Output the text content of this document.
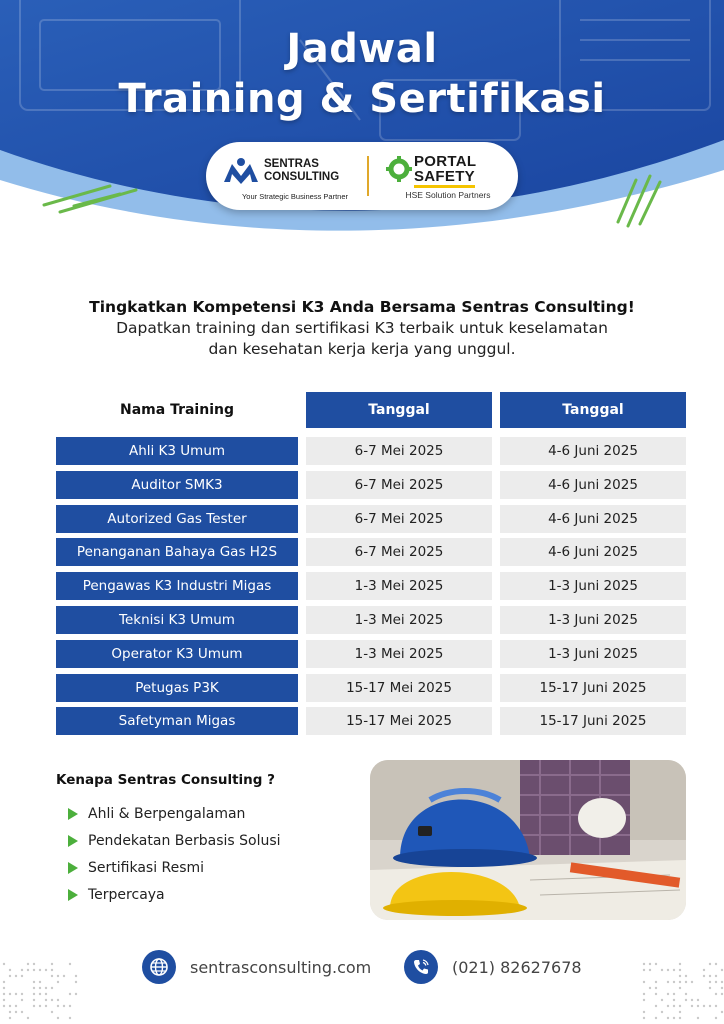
Jadwal
Training & Sertifikasi
SENTRAS
CONSULTING
Your Strategic Business Partner
PORTAL
SAFETY
HSE Solution Partners
Tingkatkan Kompetensi K3 Anda Bersama Sentras Consulting!
Dapatkan training dan sertifikasi K3 terbaik untuk keselamatan
dan kesehatan kerja kerja yang unggul.
Nama Training	Tanggal	Tanggal
Ahli K3 Umum	6-7 Mei 2025	4-6 Juni 2025
Auditor SMK3	6-7 Mei 2025	4-6 Juni 2025
Autorized Gas Tester	6-7 Mei 2025	4-6 Juni 2025
Penanganan Bahaya Gas H2S	6-7 Mei 2025	4-6 Juni 2025
Pengawas K3 Industri Migas	1-3 Mei 2025	1-3 Juni 2025
Teknisi K3 Umum	1-3 Mei 2025	1-3 Juni 2025
Operator K3 Umum	1-3 Mei 2025	1-3 Juni 2025
Petugas P3K	15-17 Mei 2025	15-17 Juni 2025
Safetyman Migas	15-17 Mei 2025	15-17 Juni 2025
Kenapa Sentras Consulting ?
Ahli & Berpengalaman
Pendekatan Berbasis Solusi
Sertifikasi Resmi
Terpercaya
sentrasconsulting.com	(021) 82627678
